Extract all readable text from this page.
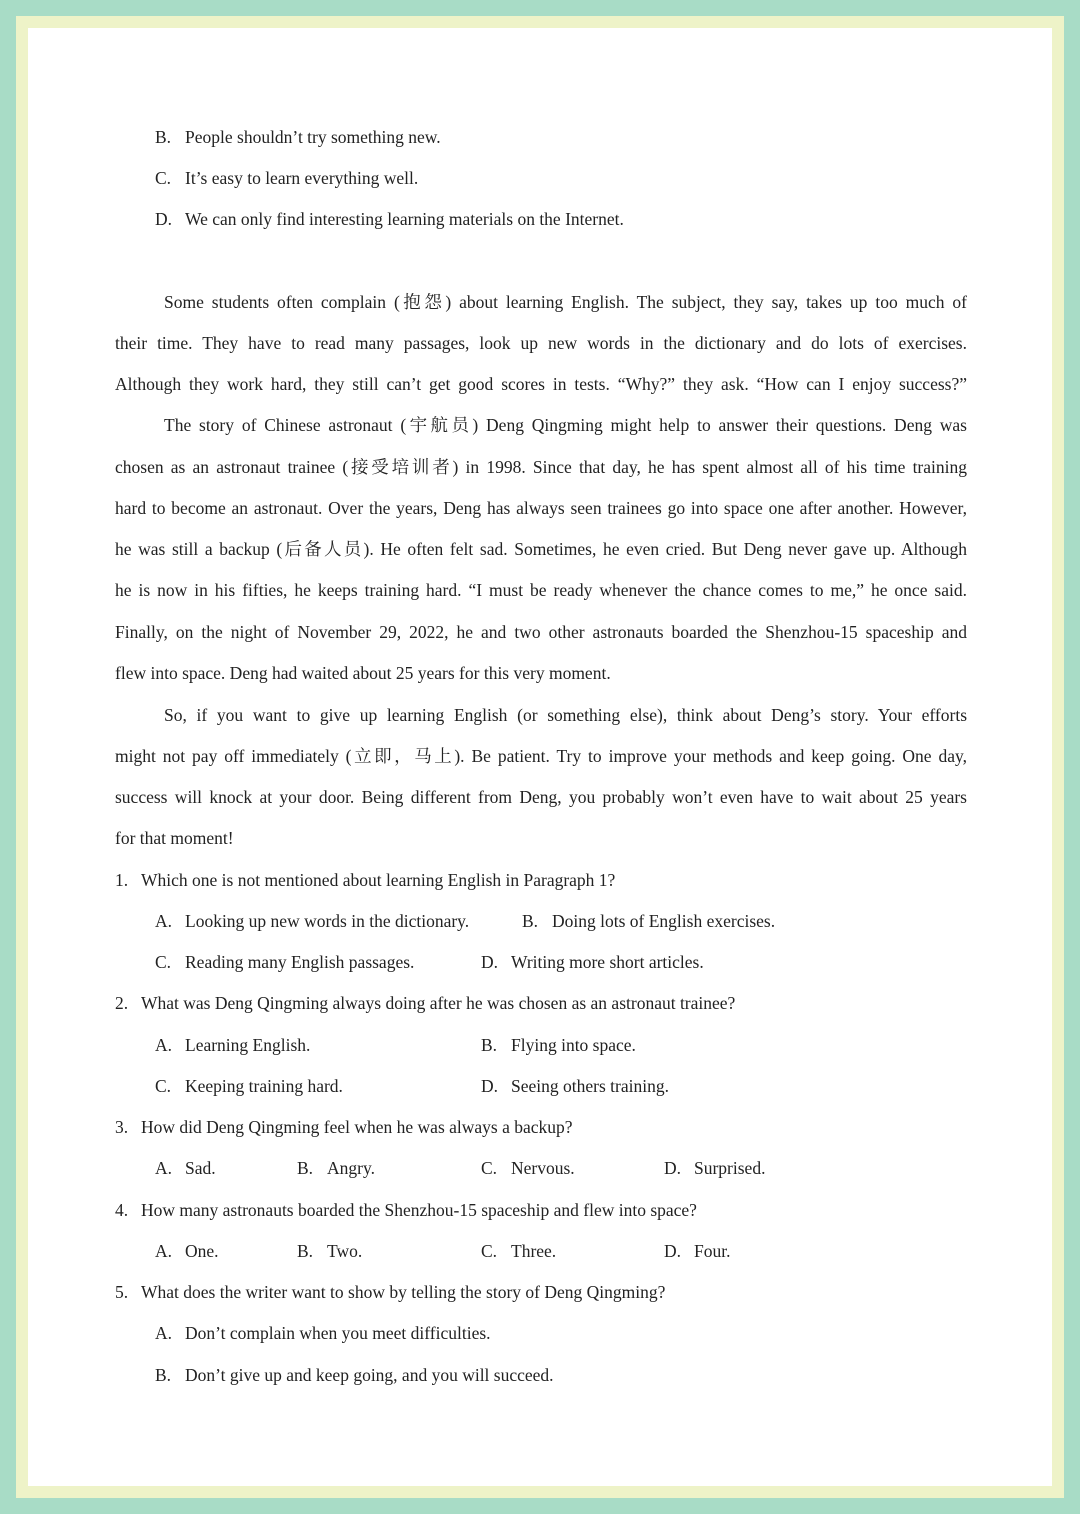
B. People shouldn’t try something new.
C. It’s easy to learn everything well.
D. We can only find interesting learning materials on the Internet.
Some students often complain (抱怨) about learning English. The subject, they say, takes up too much of
their time. They have to read many passages, look up new words in the dictionary and do lots of exercises.
Although they work hard, they still can’t get good scores in tests. “Why?” they ask. “How can I enjoy success?”
The story of Chinese astronaut (宇航员) Deng Qingming might help to answer their questions. Deng was
chosen as an astronaut trainee (接受培训者) in 1998. Since that day, he has spent almost all of his time training
hard to become an astronaut. Over the years, Deng has always seen trainees go into space one after another. However,
he was still a backup (后备人员). He often felt sad. Sometimes, he even cried. But Deng never gave up. Although
he is now in his fifties, he keeps training hard. “I must be ready whenever the chance comes to me,” he once said.
Finally, on the night of November 29, 2022, he and two other astronauts boarded the Shenzhou-15 spaceship and
flew into space. Deng had waited about 25 years for this very moment.
So, if you want to give up learning English (or something else), think about Deng’s story. Your efforts
might not pay off immediately (立即，马上). Be patient. Try to improve your methods and keep going. One day,
success will knock at your door. Being different from Deng, you probably won’t even have to wait about 25 years
for that moment!
1. Which one is not mentioned about learning English in Paragraph 1?
A. Looking up new words in the dictionary.	B. Doing lots of English exercises.
C. Reading many English passages.	D. Writing more short articles.
2. What was Deng Qingming always doing after he was chosen as an astronaut trainee?
A. Learning English.	B. Flying into space.
C. Keeping training hard.	D. Seeing others training.
3. How did Deng Qingming feel when he was always a backup?
A. Sad.	B. Angry.	C. Nervous.	D. Surprised.
4. How many astronauts boarded the Shenzhou-15 spaceship and flew into space?
A. One.	B. Two.	C. Three.	D. Four.
5. What does the writer want to show by telling the story of Deng Qingming?
A. Don’t complain when you meet difficulties.
B. Don’t give up and keep going, and you will succeed.
